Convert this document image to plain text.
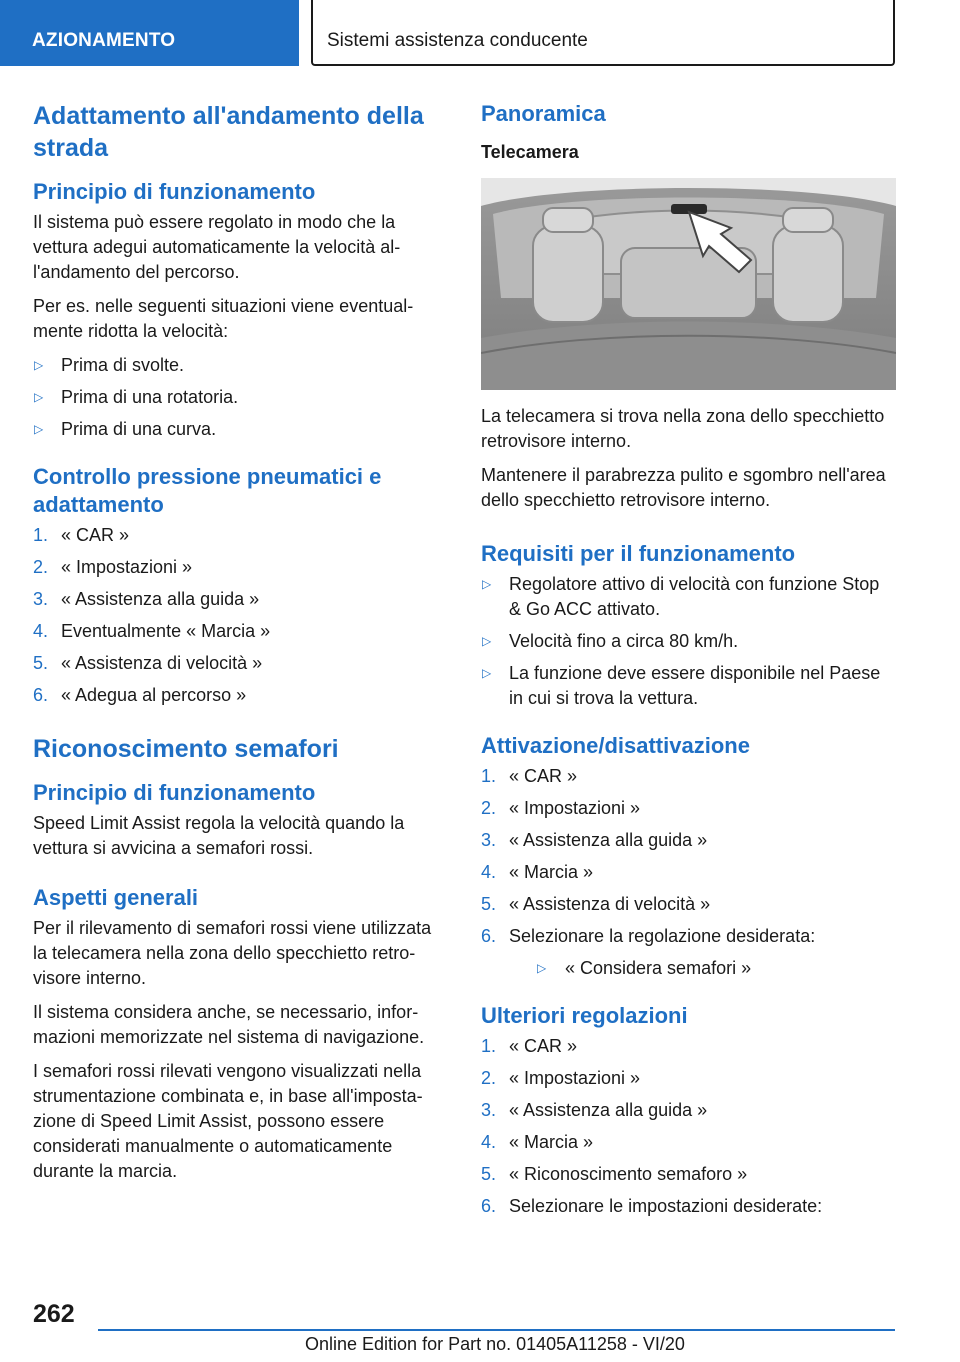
AZIONAMENTO	Sistemi assistenza conducente
Adattamento all'andamento della strada
Principio di funzionamento

Il sistema può essere regolato in modo che la vettura adegui automaticamente la velocità all'andamento del percorso.

Per es. nelle seguenti situazioni viene eventualmente ridotta la velocità:

▷ Prima di svolte.
▷ Prima di una rotatoria.
▷ Prima di una curva.
Controllo pressione pneumatici e adattamento
1. « CAR »
2. « Impostazioni »
3. « Assistenza alla guida »
4. Eventualmente « Marcia »
5. « Assistenza di velocità »
6. « Adegua al percorso »
Riconoscimento semafori
Principio di funzionamento

Speed Limit Assist regola la velocità quando la vettura si avvicina a semafori rossi.

Aspetti generali

Per il rilevamento di semafori rossi viene utilizzata la telecamera nella zona dello specchietto retrovisore interno.

Il sistema considera anche, se necessario, informazioni memorizzate nel sistema di navigazione.

I semafori rossi rilevati vengono visualizzati nella strumentazione combinata e, in base all'impostazione di Speed Limit Assist, possono essere considerati manualmente o automaticamente durante la marcia.

Panoramica
Telecamera

La telecamera si trova nella zona dello specchietto retrovisore interno.

Mantenere il parabrezza pulito e sgombro nell'area dello specchietto retrovisore interno.

Requisiti per il funzionamento
▷ Regolatore attivo di velocità con funzione Stop & Go ACC attivato.
▷ Velocità fino a circa 80 km/h.
▷ La funzione deve essere disponibile nel Paese in cui si trova la vettura.
Attivazione/disattivazione
1. « CAR »
2. « Impostazioni »
3. « Assistenza alla guida »
4. « Marcia »
5. « Assistenza di velocità »
6. Selezionare la regolazione desiderata:
▷ « Considera semafori »
Ulteriori regolazioni
1. « CAR »
2. « Impostazioni »
3. « Assistenza alla guida »
4. « Marcia »
5. « Riconoscimento semaforo »
6. Selezionare le impostazioni desiderate:
262
Online Edition for Part no. 01405A11258 - VI/20
